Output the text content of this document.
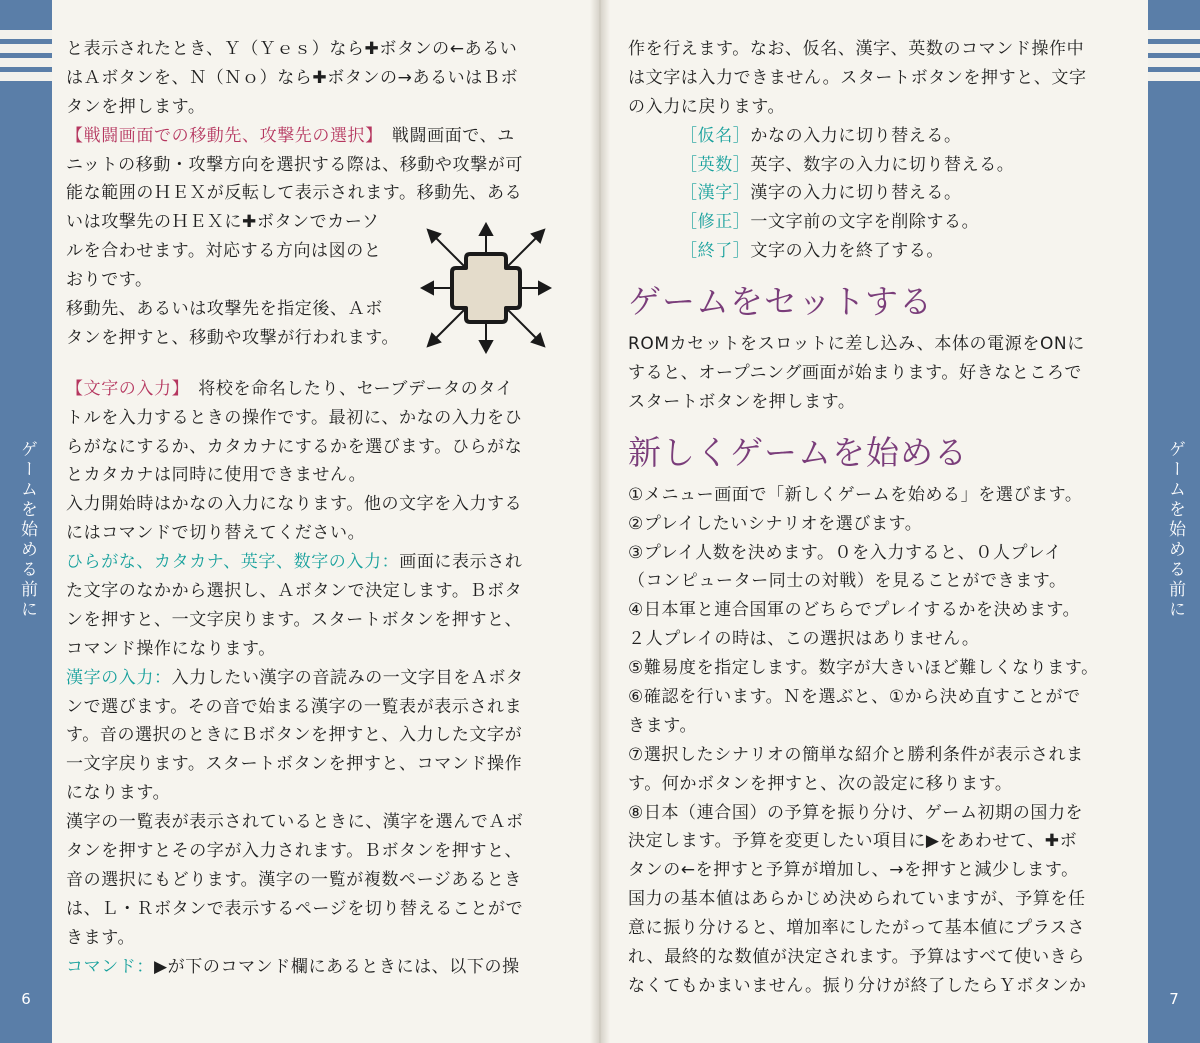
ゲームを始める前に
6
ゲームを始める前に
7
と表示されたとき、Ｙ（Ｙｅｓ）なら✚ボタンの←あるい
はＡボタンを、Ｎ（Ｎｏ）なら✚ボタンの→あるいはＢボ
タンを押します。
【戦闘画面での移動先、攻撃先の選択】　戦闘画面で、ユ
ニットの移動・攻撃方向を選択する際は、移動や攻撃が可
能な範囲のＨＥＸが反転して表示されます。移動先、ある
いは攻撃先のＨＥＸに✚ボタンでカーソ
ルを合わせます。対応する方向は図のと
おりです。
移動先、あるいは攻撃先を指定後、Ａボ
タンを押すと、移動や攻撃が行われます。
【文字の入力】　将校を命名したり、セーブデータのタイ
トルを入力するときの操作です。最初に、かなの入力をひ
らがなにするか、カタカナにするかを選びます。ひらがな
とカタカナは同時に使用できません。
入力開始時はかなの入力になります。他の文字を入力する
にはコマンドで切り替えてください。
ひらがな、カタカナ、英字、数字の入力：画面に表示され
た文字のなかから選択し、Ａボタンで決定します。Ｂボタ
ンを押すと、一文字戻ります。スタートボタンを押すと、
コマンド操作になります。
漢字の入力：入力したい漢字の音読みの一文字目をＡボタ
ンで選びます。その音で始まる漢字の一覧表が表示されま
す。音の選択のときにＢボタンを押すと、入力した文字が
一文字戻ります。スタートボタンを押すと、コマンド操作
になります。
漢字の一覧表が表示されているときに、漢字を選んでＡボ
タンを押すとその字が入力されます。Ｂボタンを押すと、
音の選択にもどります。漢字の一覧が複数ページあるとき
は、Ｌ・Ｒボタンで表示するページを切り替えることがで
きます。
コマンド：▶が下のコマンド欄にあるときには、以下の操
作を行えます。なお、仮名、漢字、英数のコマンド操作中
は文字は入力できません。スタートボタンを押すと、文字
の入力に戻ります。
［仮名］かなの入力に切り替える。
［英数］英字、数字の入力に切り替える。
［漢字］漢字の入力に切り替える。
［修正］一文字前の文字を削除する。
［終了］文字の入力を終了する。
ゲームをセットする
ROMカセットをスロットに差し込み、本体の電源をONに
すると、オープニング画面が始まります。好きなところで
スタートボタンを押します。
新しくゲームを始める
①メニュー画面で「新しくゲームを始める」を選びます。
②プレイしたいシナリオを選びます。
③プレイ人数を決めます。０を入力すると、０人プレイ
（コンピューター同士の対戦）を見ることができます。
④日本軍と連合国軍のどちらでプレイするかを決めます。
２人プレイの時は、この選択はありません。
⑤難易度を指定します。数字が大きいほど難しくなります。
⑥確認を行います。Ｎを選ぶと、①から決め直すことがで
きます。
⑦選択したシナリオの簡単な紹介と勝利条件が表示されま
す。何かボタンを押すと、次の設定に移ります。
⑧日本（連合国）の予算を振り分け、ゲーム初期の国力を
決定します。予算を変更したい項目に▶をあわせて、✚ボ
タンの←を押すと予算が増加し、→を押すと減少します。
国力の基本値はあらかじめ決められていますが、予算を任
意に振り分けると、増加率にしたがって基本値にプラスさ
れ、最終的な数値が決定されます。予算はすべて使いきら
なくてもかまいません。振り分けが終了したらＹボタンか
